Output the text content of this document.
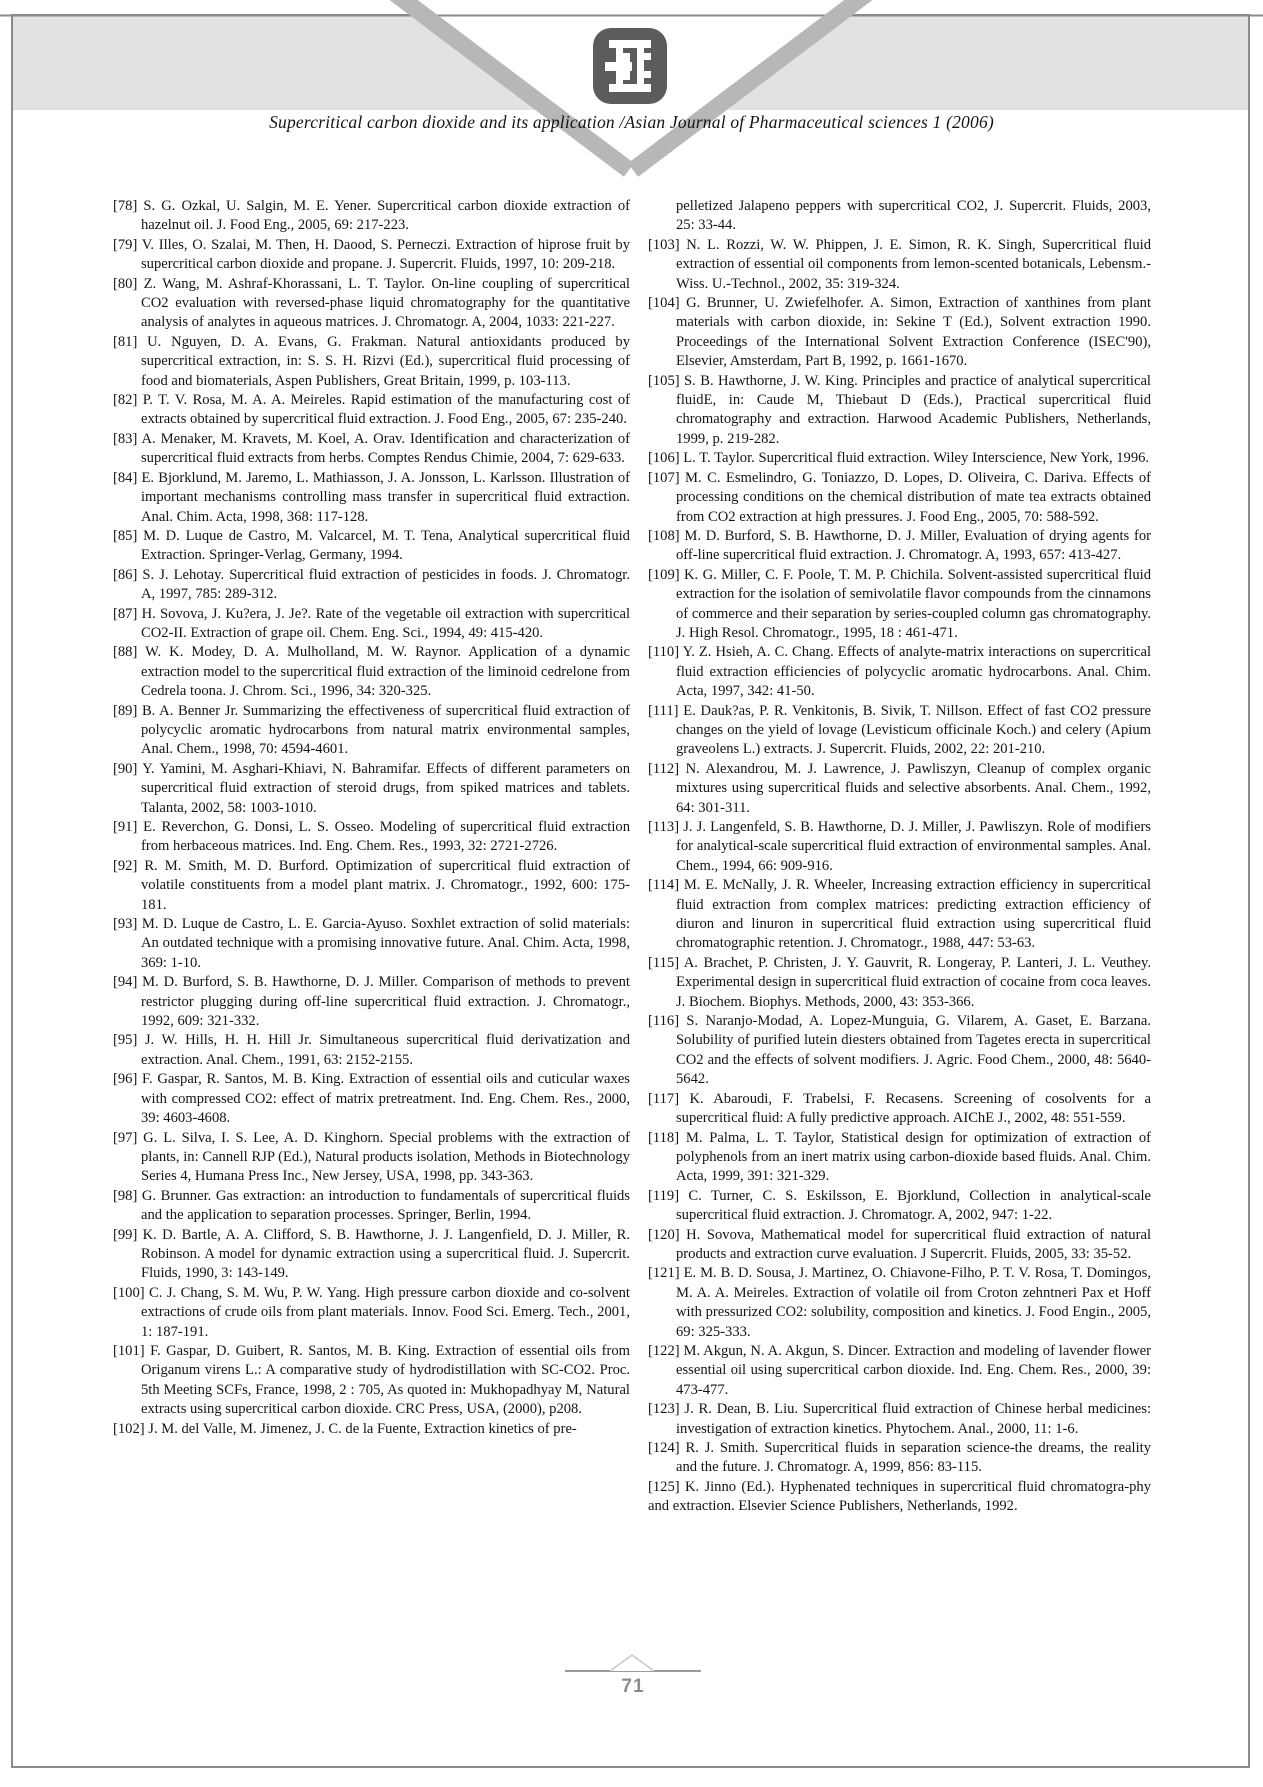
Supercritical carbon dioxide and its application /Asian Journal of Pharmaceutical sciences 1 (2006)

[78] S. G. Ozkal, U. Salgin, M. E. Yener. Supercritical carbon dioxide extraction of hazelnut oil. J. Food Eng., 2005, 69: 217-223.

[79] V. Illes, O. Szalai, M. Then, H. Daood, S. Perneczi. Extraction of hiprose fruit by supercritical carbon dioxide and propane. J. Supercrit. Fluids, 1997, 10: 209-218.

[80] Z. Wang, M. Ashraf-Khorassani, L. T. Taylor. On-line coupling of supercritical CO2 evaluation with reversed-phase liquid chromatography for the quantitative analysis of analytes in aqueous matrices. J. Chromatogr. A, 2004, 1033: 221-227.

[81] U. Nguyen, D. A. Evans, G. Frakman. Natural antioxidants produced by supercritical extraction, in: S. S. H. Rizvi (Ed.), supercritical fluid processing of food and biomaterials, Aspen Publishers, Great Britain, 1999, p. 103-113.

[82] P. T. V. Rosa, M. A. A. Meireles. Rapid estimation of the manufacturing cost of extracts obtained by supercritical fluid extraction. J. Food Eng., 2005, 67: 235-240.

[83] A. Menaker, M. Kravets, M. Koel, A. Orav. Identification and characterization of supercritical fluid extracts from herbs. Comptes Rendus Chimie, 2004, 7: 629-633.

[84] E. Bjorklund, M. Jaremo, L. Mathiasson, J. A. Jonsson, L. Karlsson. Illustration of important mechanisms controlling mass transfer in supercritical fluid extraction. Anal. Chim. Acta, 1998, 368: 117-128.

[85] M. D. Luque de Castro, M. Valcarcel, M. T. Tena, Analytical supercritical fluid Extraction. Springer-Verlag, Germany, 1994.

[86] S. J. Lehotay. Supercritical fluid extraction of pesticides in foods. J. Chromatogr. A, 1997, 785: 289-312.

[87] H. Sovova, J. Ku?era, J. Je?. Rate of the vegetable oil extraction with supercritical CO2-II. Extraction of grape oil. Chem. Eng. Sci., 1994, 49: 415-420.

[88] W. K. Modey, D. A. Mulholland, M. W. Raynor. Application of a dynamic extraction model to the supercritical fluid extraction of the liminoid cedrelone from Cedrela toona. J. Chrom. Sci., 1996, 34: 320-325.

[89] B. A. Benner Jr. Summarizing the effectiveness of supercritical fluid extraction of polycyclic aromatic hydrocarbons from natural matrix environmental samples, Anal. Chem., 1998, 70: 4594-4601.

[90] Y. Yamini, M. Asghari-Khiavi, N. Bahramifar. Effects of different parameters on supercritical fluid extraction of steroid drugs, from spiked matrices and tablets. Talanta, 2002, 58: 1003-1010.

[91] E. Reverchon, G. Donsi, L. S. Osseo. Modeling of supercritical fluid extraction from herbaceous matrices. Ind. Eng. Chem. Res., 1993, 32: 2721-2726.

[92] R. M. Smith, M. D. Burford. Optimization of supercritical fluid extraction of volatile constituents from a model plant matrix. J. Chromatogr., 1992, 600: 175-181.

[93] M. D. Luque de Castro, L. E. Garcia-Ayuso. Soxhlet extraction of solid materials: An outdated technique with a promising innovative future. Anal. Chim. Acta, 1998, 369: 1-10.

[94] M. D. Burford, S. B. Hawthorne, D. J. Miller. Comparison of methods to prevent restrictor plugging during off-line supercritical fluid extraction. J. Chromatogr., 1992, 609: 321-332.

[95] J. W. Hills, H. H. Hill Jr. Simultaneous supercritical fluid derivatization and extraction. Anal. Chem., 1991, 63: 2152-2155.

[96] F. Gaspar, R. Santos, M. B. King. Extraction of essential oils and cuticular waxes with compressed CO2: effect of matrix pretreatment. Ind. Eng. Chem. Res., 2000, 39: 4603-4608.

[97] G. L. Silva, I. S. Lee, A. D. Kinghorn. Special problems with the extraction of plants, in: Cannell RJP (Ed.), Natural products isolation, Methods in Biotechnology Series 4, Humana Press Inc., New Jersey, USA, 1998, pp. 343-363.

[98] G. Brunner. Gas extraction: an introduction to fundamentals of supercritical fluids and the application to separation processes. Springer, Berlin, 1994.

[99] K. D. Bartle, A. A. Clifford, S. B. Hawthorne, J. J. Langenfield, D. J. Miller, R. Robinson. A model for dynamic extraction using a supercritical fluid. J. Supercrit. Fluids, 1990, 3: 143-149.

[100] C. J. Chang, S. M. Wu, P. W. Yang. High pressure carbon dioxide and co-solvent extractions of crude oils from plant materials. Innov. Food Sci. Emerg. Tech., 2001, 1: 187-191.

[101] F. Gaspar, D. Guibert, R. Santos, M. B. King. Extraction of essential oils from Origanum virens L.: A comparative study of hydrodistillation with SC-CO2. Proc. 5th Meeting SCFs, France, 1998, 2 : 705, As quoted in: Mukhopadhyay M, Natural extracts using supercritical carbon dioxide. CRC Press, USA, (2000), p208.

[102] J. M. del Valle, M. Jimenez, J. C. de la Fuente, Extraction kinetics of pre-

pelletized Jalapeno peppers with supercritical CO2, J. Supercrit. Fluids, 2003, 25: 33-44.

[103] N. L. Rozzi, W. W. Phippen, J. E. Simon, R. K. Singh, Supercritical fluid extraction of essential oil components from lemon-scented botanicals, Lebensm.-Wiss. U.-Technol., 2002, 35: 319-324.

[104] G. Brunner, U. Zwiefelhofer. A. Simon, Extraction of xanthines from plant materials with carbon dioxide, in: Sekine T (Ed.), Solvent extraction 1990. Proceedings of the International Solvent Extraction Conference (ISEC'90), Elsevier, Amsterdam, Part B, 1992, p. 1661-1670.

[105] S. B. Hawthorne, J. W. King. Principles and practice of analytical supercritical fluidE, in: Caude M, Thiebaut D (Eds.), Practical supercritical fluid chromatography and extraction. Harwood Academic Publishers, Netherlands, 1999, p. 219-282.

[106] L. T. Taylor. Supercritical fluid extraction. Wiley Interscience, New York, 1996.

[107] M. C. Esmelindro, G. Toniazzo, D. Lopes, D. Oliveira, C. Dariva. Effects of processing conditions on the chemical distribution of mate tea extracts obtained from CO2 extraction at high pressures. J. Food Eng., 2005, 70: 588-592.

[108] M. D. Burford, S. B. Hawthorne, D. J. Miller, Evaluation of drying agents for off-line supercritical fluid extraction. J. Chromatogr. A, 1993, 657: 413-427.

[109] K. G. Miller, C. F. Poole, T. M. P. Chichila. Solvent-assisted supercritical fluid extraction for the isolation of semivolatile flavor compounds from the cinnamons of commerce and their separation by series-coupled column gas chromatography. J. High Resol. Chromatogr., 1995, 18 : 461-471.

[110] Y. Z. Hsieh, A. C. Chang. Effects of analyte-matrix interactions on supercritical fluid extraction efficiencies of polycyclic aromatic hydrocarbons. Anal. Chim. Acta, 1997, 342: 41-50.

[111] E. Dauk?as, P. R. Venkitonis, B. Sivik, T. Nillson. Effect of fast CO2 pressure changes on the yield of lovage (Levisticum officinale Koch.) and celery (Apium graveolens L.) extracts. J. Supercrit. Fluids, 2002, 22: 201-210.

[112] N. Alexandrou, M. J. Lawrence, J. Pawliszyn, Cleanup of complex organic mixtures using supercritical fluids and selective absorbents. Anal. Chem., 1992, 64: 301-311.

[113] J. J. Langenfeld, S. B. Hawthorne, D. J. Miller, J. Pawliszyn. Role of modifiers for analytical-scale supercritical fluid extraction of environmental samples. Anal. Chem., 1994, 66: 909-916.

[114] M. E. McNally, J. R. Wheeler, Increasing extraction efficiency in supercritical fluid extraction from complex matrices: predicting extraction efficiency of diuron and linuron in supercritical fluid extraction using supercritical fluid chromatographic retention. J. Chromatogr., 1988, 447: 53-63.

[115] A. Brachet, P. Christen, J. Y. Gauvrit, R. Longeray, P. Lanteri, J. L. Veuthey. Experimental design in supercritical fluid extraction of cocaine from coca leaves. J. Biochem. Biophys. Methods, 2000, 43: 353-366.

[116] S. Naranjo-Modad, A. Lopez-Munguia, G. Vilarem, A. Gaset, E. Barzana. Solubility of purified lutein diesters obtained from Tagetes erecta in supercritical CO2 and the effects of solvent modifiers. J. Agric. Food Chem., 2000, 48: 5640-5642.

[117] K. Abaroudi, F. Trabelsi, F. Recasens. Screening of cosolvents for a supercritical fluid: A fully predictive approach. AIChE J., 2002, 48: 551-559.

[118] M. Palma, L. T. Taylor, Statistical design for optimization of extraction of polyphenols from an inert matrix using carbon-dioxide based fluids. Anal. Chim. Acta, 1999, 391: 321-329.

[119] C. Turner, C. S. Eskilsson, E. Bjorklund, Collection in analytical-scale supercritical fluid extraction. J. Chromatogr. A, 2002, 947: 1-22.

[120] H. Sovova, Mathematical model for supercritical fluid extraction of natural products and extraction curve evaluation. J Supercrit. Fluids, 2005, 33: 35-52.

[121] E. M. B. D. Sousa, J. Martinez, O. Chiavone-Filho, P. T. V. Rosa, T. Domingos, M. A. A. Meireles. Extraction of volatile oil from Croton zehntneri Pax et Hoff with pressurized CO2: solubility, composition and kinetics. J. Food Engin., 2005, 69: 325-333.

[122] M. Akgun, N. A. Akgun, S. Dincer. Extraction and modeling of lavender flower essential oil using supercritical carbon dioxide. Ind. Eng. Chem. Res., 2000, 39: 473-477.

[123] J. R. Dean, B. Liu. Supercritical fluid extraction of Chinese herbal medicines: investigation of extraction kinetics. Phytochem. Anal., 2000, 11: 1-6.

[124] R. J. Smith. Supercritical fluids in separation science-the dreams, the reality and the future. J. Chromatogr. A, 1999, 856: 83-115.

[125] K. Jinno (Ed.). Hyphenated techniques in supercritical fluid chromatogra-phy and extraction. Elsevier Science Publishers, Netherlands, 1992.

71
